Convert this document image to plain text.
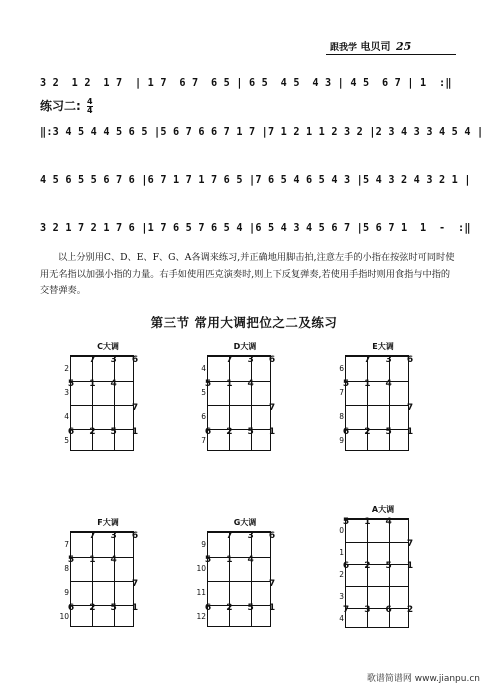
跟我学 电贝司 25
3 2  1 2  1 7  | 1 7  6 7  6 5 | 6 5  4 5  4 3 | 4 5  6 7 | 1  :‖
练习二: $\frac{4}{4}$
‖:3 4 5 4 4 5 6 5 |5 6 7 6 6 7 1 7 |7 1 2 1 1 2 3 2 |2 3 4 3 3 4 5 4 |
4 5 6 5 5 6 7 6 |6 7 1 7 1 7 6 5 |7 6 5 4 6 5 4 3 |5 4 3 2 4 3 2 1 |
3 2 1 7 2 1 7 6 |1 7 6 5 7 6 5 4 |6 5 4 3 4 5 6 7 |5 6 7 1  1  -  :‖
以上分别用C、D、E、F、G、A各调来练习,并正确地用脚击拍,注意左手的小指在按弦时可同时使用无名指以加强小指的力量。右手如使用匹克演奏时,则上下反复弹奏,若使用手指时则用食指与中指的交替弹奏。
第三节 常用大调把位之二及练习
C大调
2
7 3 6
3
5 1 4
4
7
5
6 2 5 1
D大调
4
7 3 6
5
5 1 4
6
7
7
6 2 5 1
E大调
6
7 3 6
7
5 1 4
8
7
9
6 2 5 1
F大调
7
7 3 6
8
5 1 4
9
7
10
6 2 5 1
G大调
9
7 3 6
10
5 1 4
11
7
12
6 2 5 1
A大调
0
5 1 4
1
7
2
6 2 5 1
3
4
7 3 6 2
歌谱简谱网 www.jianpu.cn
